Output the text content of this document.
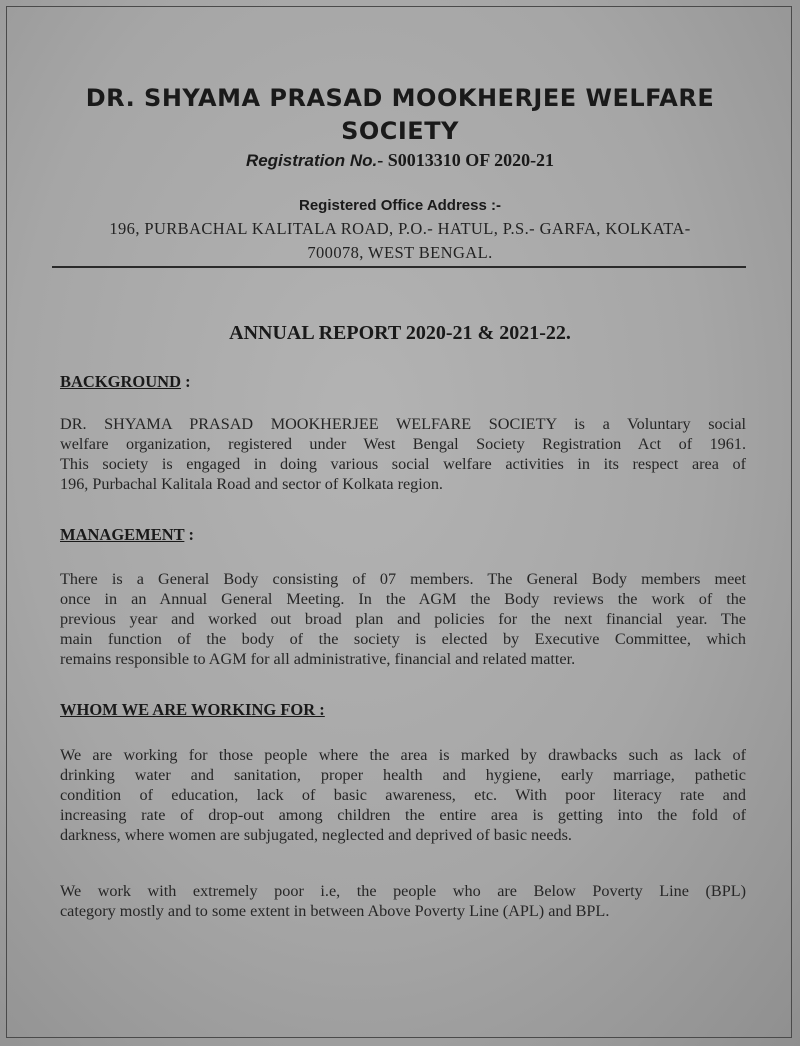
DR. SHYAMA PRASAD MOOKHERJEE WELFARE
SOCIETY
Registration No.- S0013310 OF 2020-21
Registered Office Address :-
196, PURBACHAL KALITALA ROAD, P.O.- HATUL, P.S.- GARFA, KOLKATA-
700078, WEST BENGAL.
ANNUAL REPORT 2020-21 & 2021-22.
BACKGROUND :
DR. SHYAMA PRASAD MOOKHERJEE WELFARE SOCIETY is a Voluntary social
welfare organization, registered under West Bengal Society Registration Act of 1961.
This society is engaged in doing various social welfare activities in its respect area of
196, Purbachal Kalitala Road and sector of Kolkata region.
MANAGEMENT :
There is a General Body consisting of 07 members. The General Body members meet
once in an Annual General Meeting. In the AGM the Body reviews the work of the
previous year and worked out broad plan and policies for the next financial year. The
main function of the body of the society is elected by Executive Committee, which
remains responsible to AGM for all administrative, financial and related matter.
WHOM WE ARE WORKING FOR :
We are working for those people where the area is marked by drawbacks such as lack of
drinking water and sanitation, proper health and hygiene, early marriage, pathetic
condition of education, lack of basic awareness, etc. With poor literacy rate and
increasing rate of drop-out among children the entire area is getting into the fold of
darkness, where women are subjugated, neglected and deprived of basic needs.
We work with extremely poor i.e, the people who are Below Poverty Line (BPL)
category mostly and to some extent in between Above Poverty Line (APL) and BPL.
